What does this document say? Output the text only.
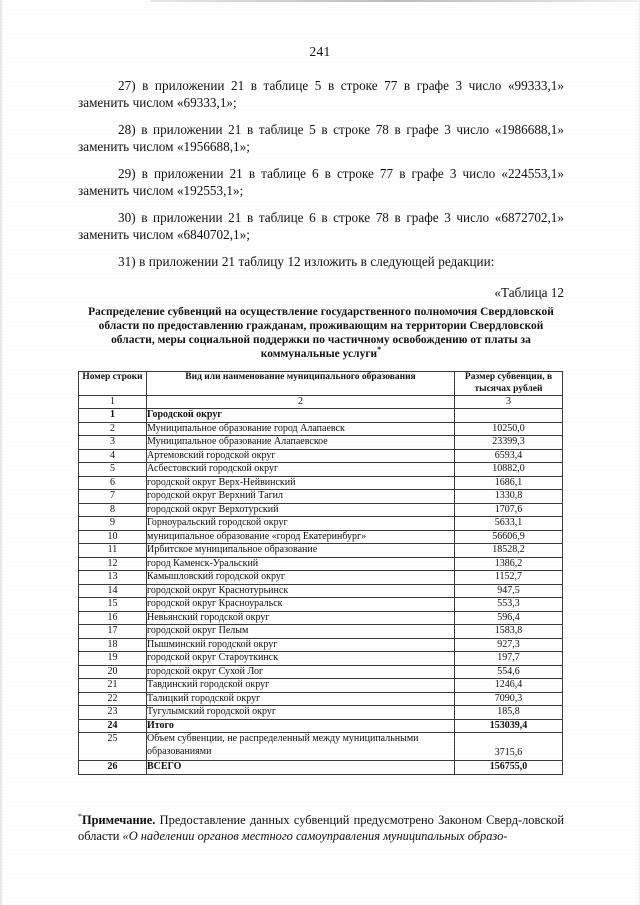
241

27) в приложении 21 в таблице 5 в строке 77 в графе 3 число «99333,1» заменить числом «69333,1»;

28) в приложении 21 в таблице 5 в строке 78 в графе 3 число «1986688,1» заменить числом «1956688,1»;

29) в приложении 21 в таблице 6 в строке 77 в графе 3 число «224553,1» заменить числом «192553,1»;

30) в приложении 21 в таблице 6 в строке 78 в графе 3 число «6872702,1» заменить числом «6840702,1»;

31) в приложении 21 таблицу 12 изложить в следующей редакции:

«Таблица 12

Распределение субвенций на осуществление государственного полномочия Свердловской области по предоставлению гражданам, проживающим на территории Свердловской области, меры социальной поддержки по частичному освобождению от платы за коммунальные услуги*

Номер строки	Вид или наименование муниципального образования	Размер субвенции, в тысячах рублей
1	2	3
1	Городской округ	
2	Муниципальное образование город Алапаевск	10250,0
3	Муниципальное образование Алапаевское	23399,3
4	Артемовский городской округ	6593,4
5	Асбестовский городской округ	10882,0
6	городской округ Верх-Нейвинский	1686,1
7	городской округ Верхний Тагил	1330,8
8	городской округ Верхотурский	1707,6
9	Горноуральский городской округ	5633,1
10	муниципальное образование «город Екатеринбург»	56606,9
11	Ирбитское муниципальное образование	18528,2
12	город Каменск-Уральский	1386,2
13	Камышловский городской округ	1152,7
14	городской округ Краснотурьинск	947,5
15	городской округ Красноуральск	553,3
16	Невьянский городской округ	596,4
17	городской округ Пелым	1583,8
18	Пышминский городской округ	927,3
19	городской округ Староуткинск	197,7
20	городской округ Сухой Лог	554,6
21	Тавдинский городской округ	1246,4
22	Талицкий городской округ	7090,3
23	Тугулымский городской округ	185,8
24	Итого	153039,4
25	Объем субвенции, не распределенный между муниципальными образованиями	3715,6
26	ВСЕГО	156755,0
*Примечание. Предоставление данных субвенций предусмотрено Законом Сверд-ловской области «О наделении органов местного самоуправления муниципальных образо-
